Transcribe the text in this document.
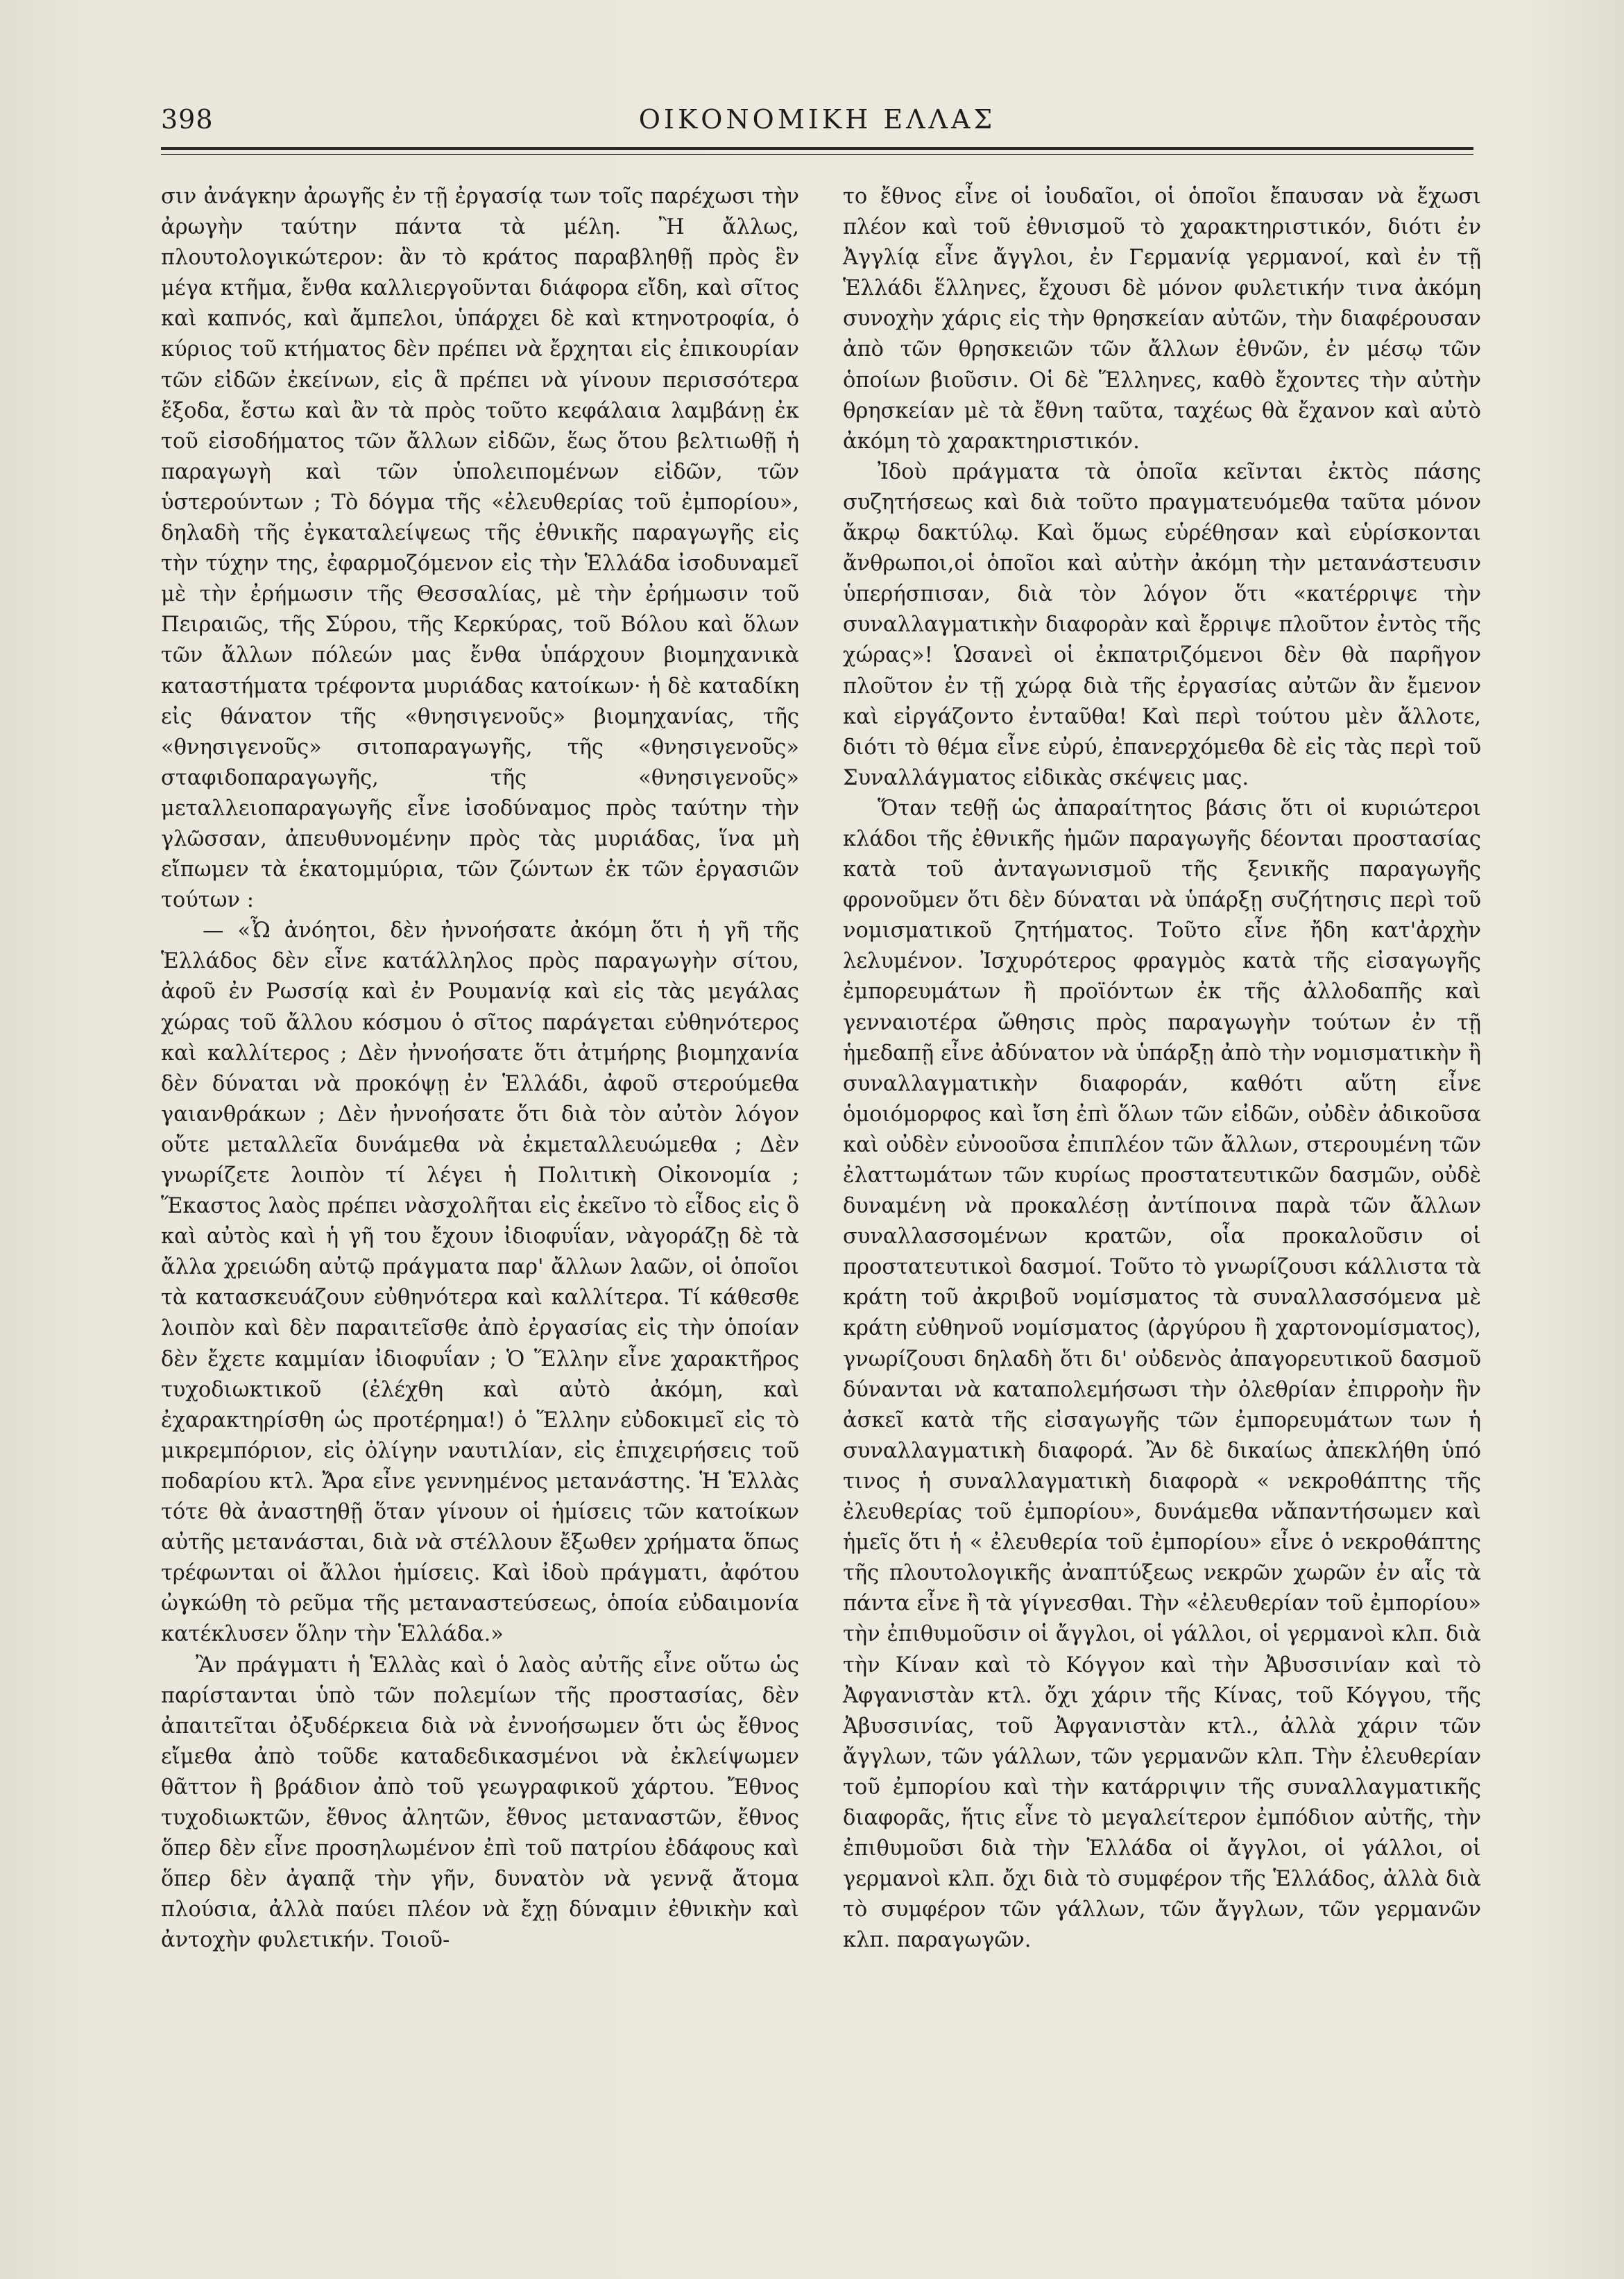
398	ΟΙΚΟΝΟΜΙΚΗ ΕΛΛΑΣ

σιν ἀνάγκην ἀρωγῆς ἐν τῇ ἐργασίᾳ των τοῖς παρέχωσι τὴν ἀρωγὴν ταύτην πάντα τὰ μέλη. Ἢ ἄλλως, πλουτολογικώτερον: ἂν τὸ κράτος παραβληθῇ πρὸς ἓν μέγα κτῆμα, ἔνθα καλλιεργοῦνται διάφορα εἴδη, καὶ σῖτος καὶ καπνός, καὶ ἄμπελοι, ὑπάρχει δὲ καὶ κτηνοτροφία, ὁ κύριος τοῦ κτήματος δὲν πρέπει νὰ ἔρχηται εἰς ἐπικουρίαν τῶν εἰδῶν ἐκείνων, εἰς ἃ πρέπει νὰ γίνουν περισσότερα ἔξοδα, ἔστω καὶ ἂν τὰ πρὸς τοῦτο κεφάλαια λαμβάνῃ ἐκ τοῦ εἰσοδήματος τῶν ἄλλων εἰδῶν, ἕως ὅτου βελτιωθῇ ἡ παραγωγὴ καὶ τῶν ὑπολειπομένων εἰδῶν, τῶν ὑστερούντων ; Τὸ δόγμα τῆς «ἐλευθερίας τοῦ ἐμπορίου», δηλαδὴ τῆς ἐγκαταλείψεως τῆς ἐθνικῆς παραγωγῆς εἰς τὴν τύχην της, ἐφαρμοζόμενον εἰς τὴν Ἑλλάδα ἰσοδυναμεῖ μὲ τὴν ἐρήμωσιν τῆς Θεσσαλίας, μὲ τὴν ἐρήμωσιν τοῦ Πειραιῶς, τῆς Σύρου, τῆς Κερκύρας, τοῦ Βόλου καὶ ὅλων τῶν ἄλλων πόλεών μας ἔνθα ὑπάρχουν βιομηχανικὰ καταστήματα τρέφοντα μυριάδας κατοίκων· ἡ δὲ καταδίκη εἰς θάνατον τῆς «θνησιγενοῦς» βιομηχανίας, τῆς «θνησιγενοῦς» σιτοπαραγωγῆς, τῆς «θνησιγενοῦς» σταφιδοπαραγωγῆς, τῆς «θνησιγενοῦς» μεταλλειοπαραγωγῆς εἶνε ἰσοδύναμος πρὸς ταύτην τὴν γλῶσσαν, ἀπευθυνομένην πρὸς τὰς μυριάδας, ἵνα μὴ εἴπωμεν τὰ ἑκατομμύρια, τῶν ζώντων ἐκ τῶν ἐργασιῶν τούτων :

— «Ὦ ἀνόητοι, δὲν ἠννοήσατε ἀκόμη ὅτι ἡ γῆ τῆς Ἑλλάδος δὲν εἶνε κατάλληλος πρὸς παραγωγὴν σίτου, ἀφοῦ ἐν Ρωσσίᾳ καὶ ἐν Ρουμανίᾳ καὶ εἰς τὰς μεγάλας χώρας τοῦ ἄλλου κόσμου ὁ σῖτος παράγεται εὐθηνότερος καὶ καλλίτερος ; Δὲν ἠννοήσατε ὅτι ἀτμήρης βιομηχανία δὲν δύναται νὰ προκόψῃ ἐν Ἑλλάδι, ἀφοῦ στερούμεθα γαιανθράκων ; Δὲν ἠννοήσατε ὅτι διὰ τὸν αὐτὸν λόγον οὔτε μεταλλεῖα δυνάμεθα νὰ ἐκμεταλλευώμεθα ; Δὲν γνωρίζετε λοιπὸν τί λέγει ἡ Πολιτικὴ Οἰκονομία ; Ἕκαστος λαὸς πρέπει νὰσχολῆται εἰς ἐκεῖνο τὸ εἶδος εἰς ὃ καὶ αὐτὸς καὶ ἡ γῆ του ἔχουν ἰδιοφυΐαν, νὰγοράζῃ δὲ τὰ ἄλλα χρειώδη αὐτῷ πράγματα παρ' ἄλλων λαῶν, οἱ ὁποῖοι τὰ κατασκευάζουν εὐθηνότερα καὶ καλλίτερα. Τί κάθεσθε λοιπὸν καὶ δὲν παραιτεῖσθε ἀπὸ ἐργασίας εἰς τὴν ὁποίαν δὲν ἔχετε καμμίαν ἰδιοφυΐαν ; Ὁ Ἕλλην εἶνε χαρακτῆρος τυχοδιωκτικοῦ (ἐλέχθη καὶ αὐτὸ ἀκόμη, καὶ ἐχαρακτηρίσθη ὡς προτέρημα!) ὁ Ἕλλην εὐδοκιμεῖ εἰς τὸ μικρεμπόριον, εἰς ὀλίγην ναυτιλίαν, εἰς ἐπιχειρήσεις τοῦ ποδαρίου κτλ. Ἄρα εἶνε γεννημένος μετανάστης. Ἡ Ἑλλὰς τότε θὰ ἀναστηθῇ ὅταν γίνουν οἱ ἡμίσεις τῶν κατοίκων αὐτῆς μετανάσται, διὰ νὰ στέλλουν ἔξωθεν χρήματα ὅπως τρέφωνται οἱ ἄλλοι ἡμίσεις. Καὶ ἰδοὺ πράγματι, ἀφότου ὠγκώθη τὸ ρεῦμα τῆς μεταναστεύσεως, ὁποία εὐδαιμονία κατέκλυσεν ὅλην τὴν Ἑλλάδα.»

Ἂν πράγματι ἡ Ἑλλὰς καὶ ὁ λαὸς αὐτῆς εἶνε οὕτω ὡς παρίστανται ὑπὸ τῶν πολεμίων τῆς προστασίας, δὲν ἀπαιτεῖται ὀξυδέρκεια διὰ νὰ ἐννοήσωμεν ὅτι ὡς ἔθνος εἴμεθα ἀπὸ τοῦδε καταδεδικασμένοι νὰ ἐκλείψωμεν θᾶττον ἢ βράδιον ἀπὸ τοῦ γεωγραφικοῦ χάρτου. Ἔθνος τυχοδιωκτῶν, ἔθνος ἀλητῶν, ἔθνος μεταναστῶν, ἔθνος ὅπερ δὲν εἶνε προσηλωμένον ἐπὶ τοῦ πατρίου ἐδάφους καὶ ὅπερ δὲν ἀγαπᾷ τὴν γῆν, δυνατὸν νὰ γεννᾷ ἄτομα πλούσια, ἀλλὰ παύει πλέον νὰ ἔχῃ δύναμιν ἐθνικὴν καὶ ἀντοχὴν φυλετικήν. Τοιοῦ-

το ἔθνος εἶνε οἱ ἰουδαῖοι, οἱ ὁποῖοι ἔπαυσαν νὰ ἔχωσι πλέον καὶ τοῦ ἐθνισμοῦ τὸ χαρακτηριστικόν, διότι ἐν Ἀγγλίᾳ εἶνε ἄγγλοι, ἐν Γερμανίᾳ γερμανοί, καὶ ἐν τῇ Ἑλλάδι ἕλληνες, ἔχουσι δὲ μόνον φυλετικήν τινα ἀκόμη συνοχὴν χάρις εἰς τὴν θρησκείαν αὐτῶν, τὴν διαφέρουσαν ἀπὸ τῶν θρησκειῶν τῶν ἄλλων ἐθνῶν, ἐν μέσῳ τῶν ὁποίων βιοῦσιν. Οἱ δὲ Ἕλληνες, καθὸ ἔχοντες τὴν αὐτὴν θρησκείαν μὲ τὰ ἔθνη ταῦτα, ταχέως θὰ ἔχανον καὶ αὐτὸ ἀκόμη τὸ χαρακτηριστικόν.

Ἰδοὺ πράγματα τὰ ὁποῖα κεῖνται ἐκτὸς πάσης συζητήσεως καὶ διὰ τοῦτο πραγματευόμεθα ταῦτα μόνον ἄκρῳ δακτύλῳ. Καὶ ὅμως εὑρέθησαν καὶ εὑρίσκονται ἄνθρωποι,οἱ ὁποῖοι καὶ αὐτὴν ἀκόμη τὴν μετανάστευσιν ὑπερήσπισαν, διὰ τὸν λόγον ὅτι «κατέρριψε τὴν συναλλαγματικὴν διαφορὰν καὶ ἔρριψε πλοῦτον ἐντὸς τῆς χώρας»! Ὡσανεὶ οἱ ἐκπατριζόμενοι δὲν θὰ παρῆγον πλοῦτον ἐν τῇ χώρᾳ διὰ τῆς ἐργασίας αὐτῶν ἂν ἔμενον καὶ εἰργάζοντο ἐνταῦθα! Καὶ περὶ τούτου μὲν ἄλλοτε, διότι τὸ θέμα εἶνε εὐρύ, ἐπανερχόμεθα δὲ εἰς τὰς περὶ τοῦ Συναλλάγματος εἰδικὰς σκέψεις μας.

Ὅταν τεθῇ ὡς ἀπαραίτητος βάσις ὅτι οἱ κυριώτεροι κλάδοι τῆς ἐθνικῆς ἡμῶν παραγωγῆς δέονται προστασίας κατὰ τοῦ ἀνταγωνισμοῦ τῆς ξενικῆς παραγωγῆς φρονοῦμεν ὅτι δὲν δύναται νὰ ὑπάρξῃ συζήτησις περὶ τοῦ νομισματικοῦ ζητήματος. Τοῦτο εἶνε ἤδη κατ'ἀρχὴν λελυμένον. Ἰσχυρότερος φραγμὸς κατὰ τῆς εἰσαγωγῆς ἐμπορευμάτων ἢ προϊόντων ἐκ τῆς ἀλλοδαπῆς καὶ γενναιοτέρα ὤθησις πρὸς παραγωγὴν τούτων ἐν τῇ ἡμεδαπῇ εἶνε ἀδύνατον νὰ ὑπάρξῃ ἀπὸ τὴν νομισματικὴν ἢ συναλλαγματικὴν διαφοράν, καθότι αὕτη εἶνε ὁμοιόμορφος καὶ ἴση ἐπὶ ὅλων τῶν εἰδῶν, οὐδὲν ἀδικοῦσα καὶ οὐδὲν εὐνοοῦσα ἐπιπλέον τῶν ἄλλων, στερουμένη τῶν ἐλαττωμάτων τῶν κυρίως προστατευτικῶν δασμῶν, οὐδὲ δυναμένη νὰ προκαλέσῃ ἀντίποινα παρὰ τῶν ἄλλων συναλλασσομένων κρατῶν, οἷα προκαλοῦσιν οἱ προστατευτικοὶ δασμοί. Τοῦτο τὸ γνωρίζουσι κάλλιστα τὰ κράτη τοῦ ἀκριβοῦ νομίσματος τὰ συναλλασσόμενα μὲ κράτη εὐθηνοῦ νομίσματος (ἀργύρου ἢ χαρτονομίσματος), γνωρίζουσι δηλαδὴ ὅτι δι' οὐδενὸς ἀπαγορευτικοῦ δασμοῦ δύνανται νὰ καταπολεμήσωσι τὴν ὀλεθρίαν ἐπιρροὴν ἣν ἀσκεῖ κατὰ τῆς εἰσαγωγῆς τῶν ἐμπορευμάτων των ἡ συναλλαγματικὴ διαφορά. Ἂν δὲ δικαίως ἀπεκλήθη ὑπό τινος ἡ συναλλαγματικὴ διαφορὰ « νεκροθάπτης τῆς ἐλευθερίας τοῦ ἐμπορίου», δυνάμεθα νἄπαντήσωμεν καὶ ἡμεῖς ὅτι ἡ « ἐλευθερία τοῦ ἐμπορίου» εἶνε ὁ νεκροθάπτης τῆς πλουτολογικῆς ἀναπτύξεως νεκρῶν χωρῶν ἐν αἷς τὰ πάντα εἶνε ἢ τὰ γίγνεσθαι. Τὴν «ἐλευθερίαν τοῦ ἐμπορίου» τὴν ἐπιθυμοῦσιν οἱ ἄγγλοι, οἱ γάλλοι, οἱ γερμανοὶ κλπ. διὰ τὴν Κίναν καὶ τὸ Κόγγον καὶ τὴν Ἀβυσσινίαν καὶ τὸ Ἀφγανιστὰν κτλ. ὄχι χάριν τῆς Κίνας, τοῦ Κόγγου, τῆς Ἀβυσσινίας, τοῦ Ἀφγανιστὰν κτλ., ἀλλὰ χάριν τῶν ἄγγλων, τῶν γάλλων, τῶν γερμανῶν κλπ. Τὴν ἐλευθερίαν τοῦ ἐμπορίου καὶ τὴν κατάρριψιν τῆς συναλλαγματικῆς διαφορᾶς, ἥτις εἶνε τὸ μεγαλείτερον ἐμπόδιον αὐτῆς, τὴν ἐπιθυμοῦσι διὰ τὴν Ἑλλάδα οἱ ἄγγλοι, οἱ γάλλοι, οἱ γερμανοὶ κλπ. ὄχι διὰ τὸ συμφέρον τῆς Ἑλλάδος, ἀλλὰ διὰ τὸ συμφέρον τῶν γάλλων, τῶν ἄγγλων, τῶν γερμανῶν κλπ. παραγωγῶν.
